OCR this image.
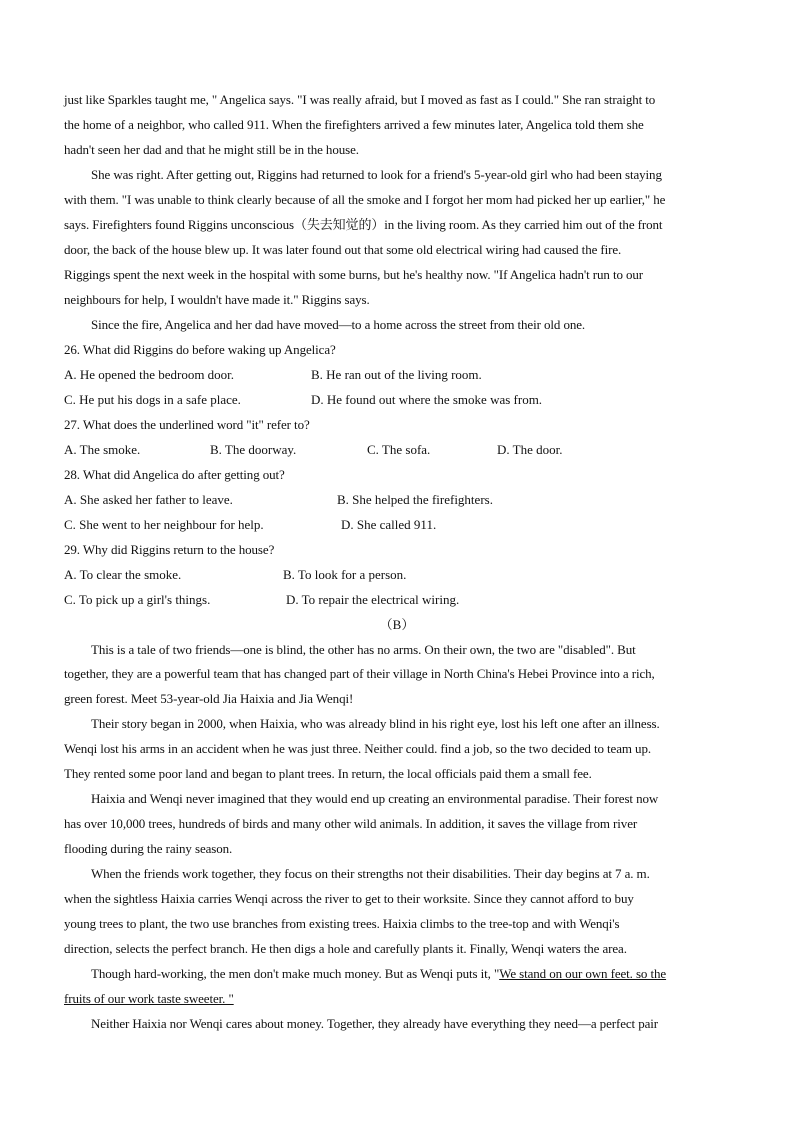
just like Sparkles taught me, " Angelica says. "I was really afraid, but I moved as fast as I could." She ran straight to
the home of a neighbor, who called 911. When the firefighters arrived a few minutes later, Angelica told them she
hadn't seen her dad and that he might still be in the house.
She was right. After getting out, Riggins had returned to look for a friend's 5-year-old girl who had been staying
with them. "I was unable to think clearly because of all the smoke and I forgot her mom had picked her up earlier," he
says. Firefighters found Riggins unconscious（失去知觉的）in the living room. As they carried him out of the front
door, the back of the house blew up. It was later found out that some old electrical wiring had caused the fire.
Riggings spent the next week in the hospital with some burns, but he's healthy now. "If Angelica hadn't run to our
neighbours for help, I wouldn't have made it." Riggins says.
Since the fire, Angelica and her dad have moved—to a home across the street from their old one.
26. What did Riggins do before waking up Angelica?
A. He opened the bedroom door.	B. He ran out of the living room.
C. He put his dogs in a safe place.	D. He found out where the smoke was from.
27. What does the underlined word "it" refer to?
A. The smoke.	B. The doorway.	C. The sofa.	D. The door.
28. What did Angelica do after getting out?
A. She asked her father to leave.	B. She helped the firefighters.
C. She went to her neighbour for help.	D. She called 911.
29. Why did Riggins return to the house?
A. To clear the smoke.	B. To look for a person.
C. To pick up a girl's things.	D. To repair the electrical wiring.
（B）
This is a tale of two friends—one is blind, the other has no arms. On their own, the two are "disabled". But
together, they are a powerful team that has changed part of their village in North China's Hebei Province into a rich,
green forest. Meet 53-year-old Jia Haixia and Jia Wenqi!
Their story began in 2000, when Haixia, who was already blind in his right eye, lost his left one after an illness.
Wenqi lost his arms in an accident when he was just three. Neither could. find a job, so the two decided to team up.
They rented some poor land and began to plant trees. In return, the local officials paid them a small fee.
Haixia and Wenqi never imagined that they would end up creating an environmental paradise. Their forest now
has over 10,000 trees, hundreds of birds and many other wild animals. In addition, it saves the village from river
flooding during the rainy season.
When the friends work together, they focus on their strengths not their disabilities. Their day begins at 7 a. m.
when the sightless Haixia carries Wenqi across the river to get to their worksite. Since they cannot afford to buy
young trees to plant, the two use branches from existing trees. Haixia climbs to the tree-top and with Wenqi's
direction, selects the perfect branch. He then digs a hole and carefully plants it. Finally, Wenqi waters the area.
Though hard-working, the men don't make much money. But as Wenqi puts it, "We stand on our own feet. so the
fruits of our work taste sweeter. "
Neither Haixia nor Wenqi cares about money. Together, they already have everything they need—a perfect pair
